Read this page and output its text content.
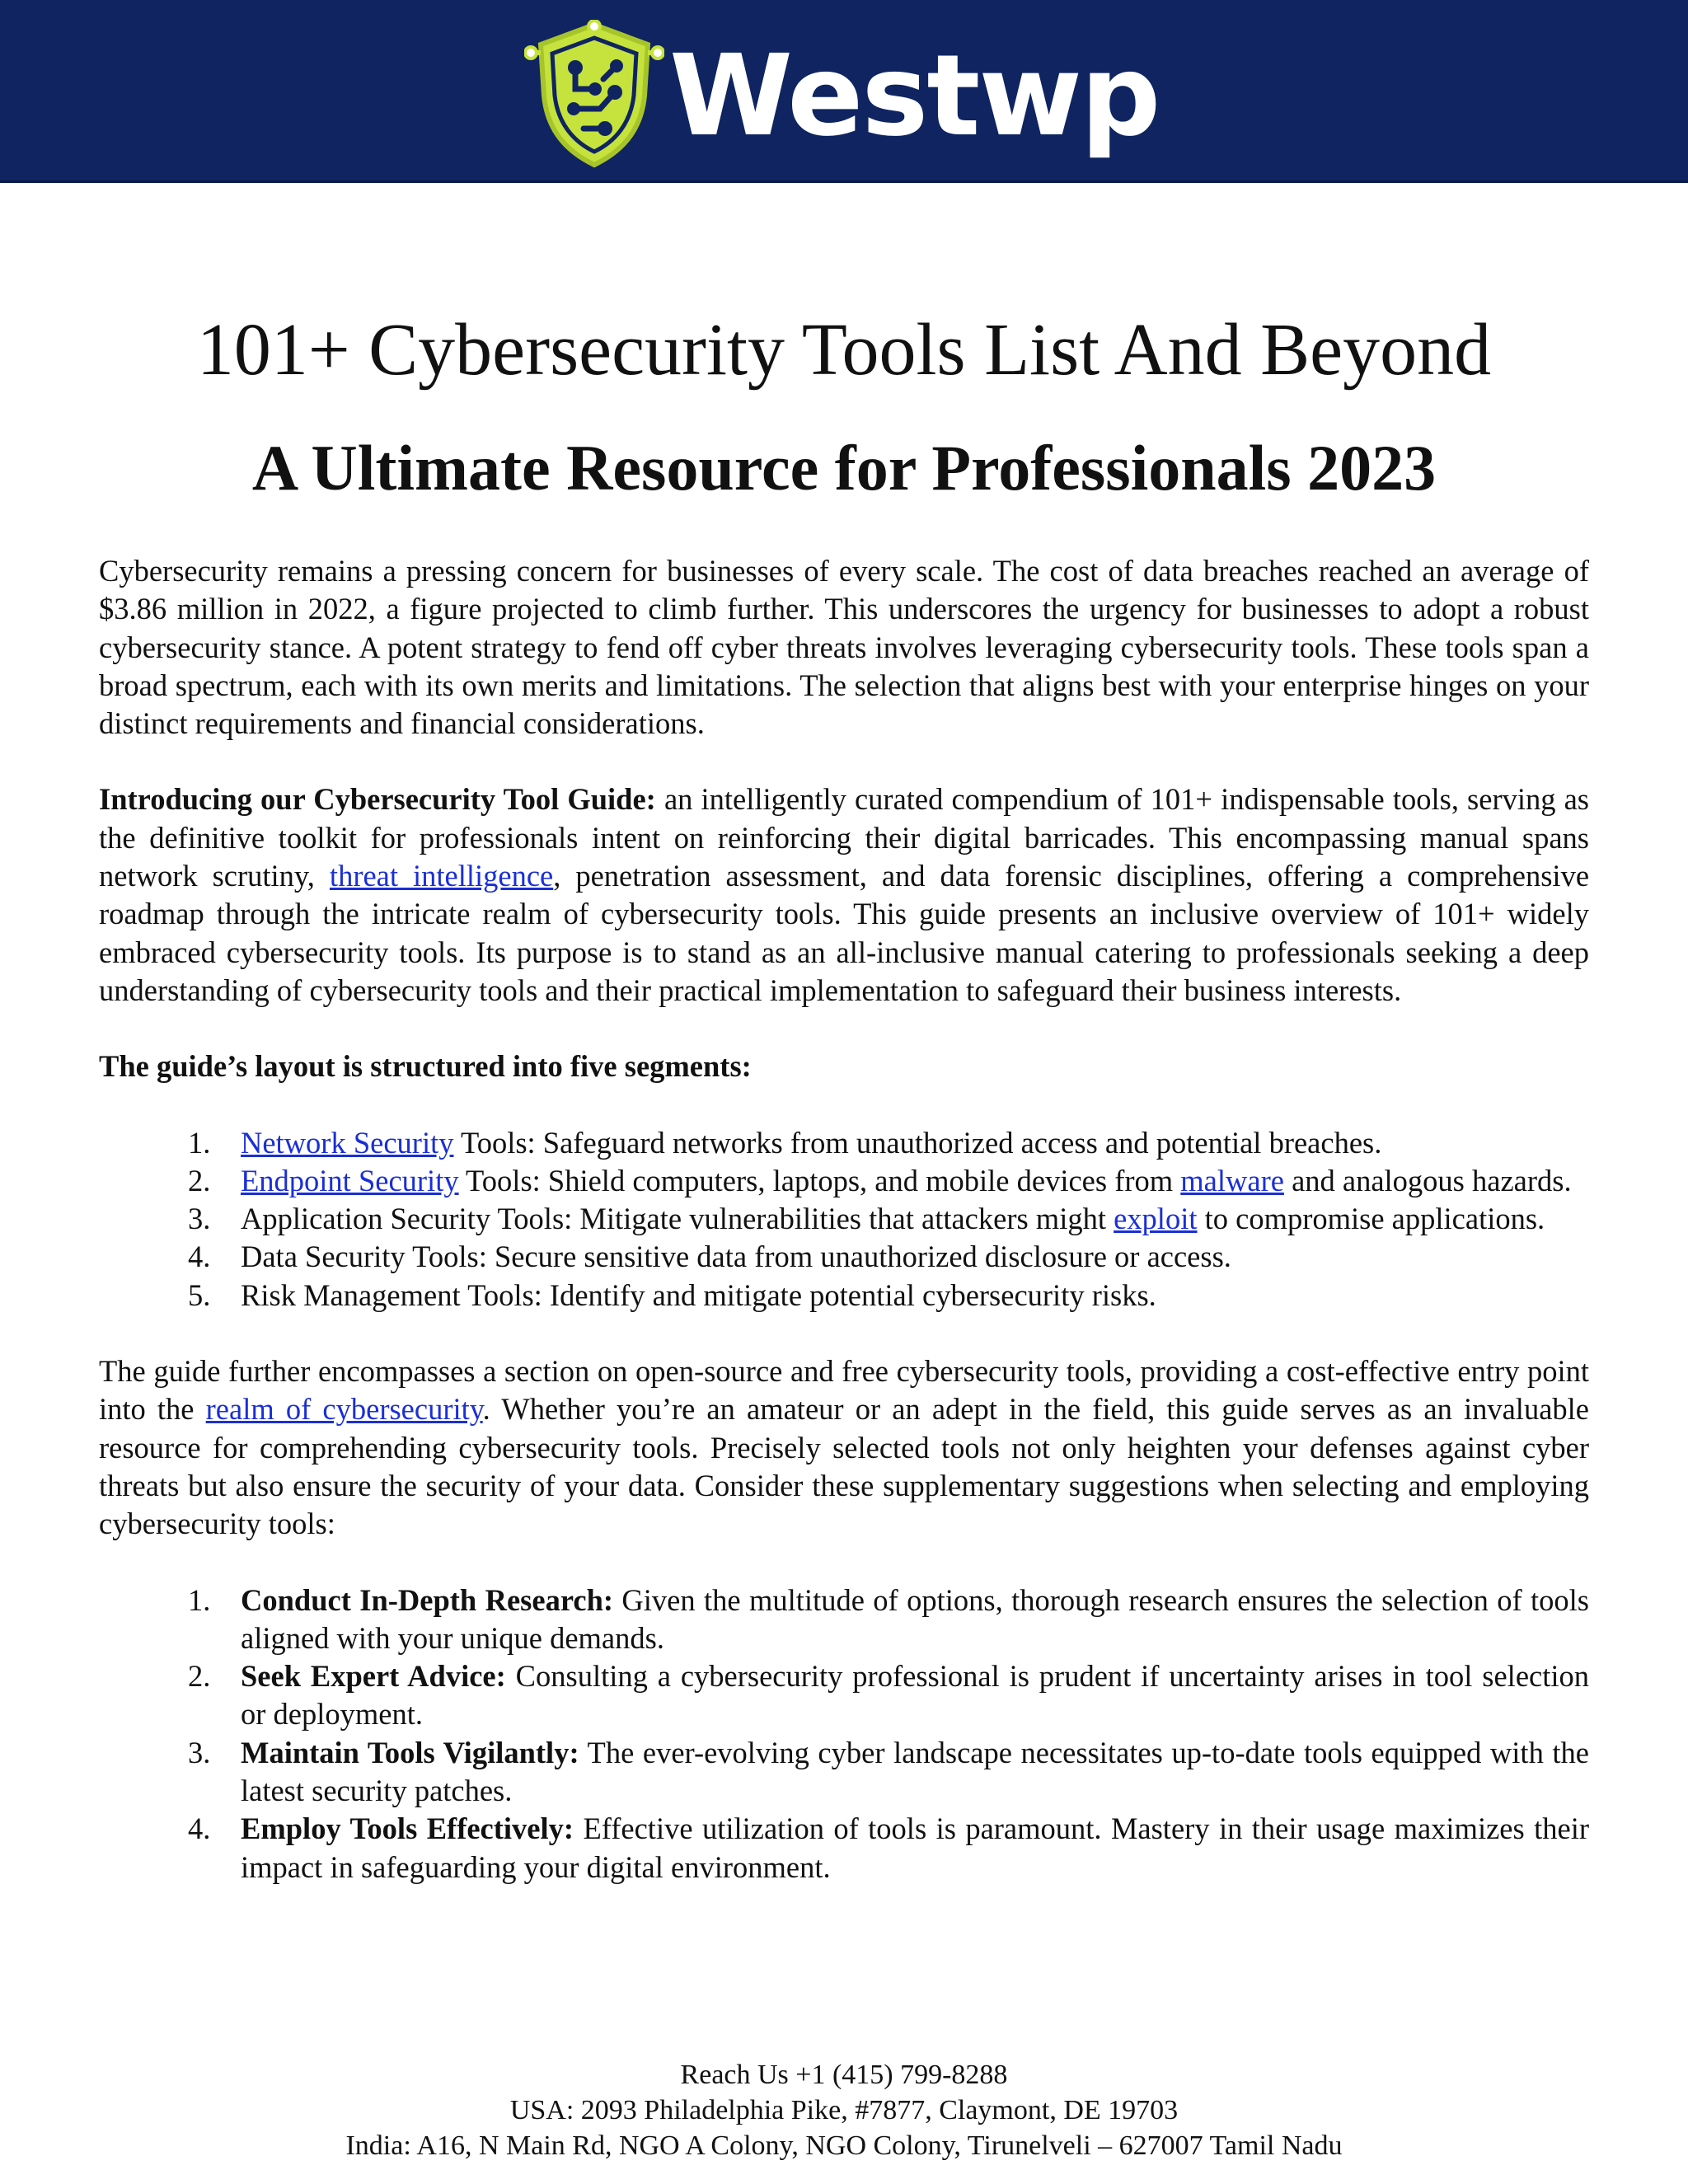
Westwp
101+ Cybersecurity Tools List And Beyond
A Ultimate Resource for Professionals 2023

Cybersecurity remains a pressing concern for businesses of every scale. The cost of data breaches reached an average of $3.86 million in 2022, a figure projected to climb further. This underscores the urgency for businesses to adopt a robust cybersecurity stance. A potent strategy to fend off cyber threats involves leveraging cybersecurity tools. These tools span a broad spectrum, each with its own merits and limitations. The selection that aligns best with your enterprise hinges on your distinct requirements and financial considerations.

Introducing our Cybersecurity Tool Guide: an intelligently curated compendium of 101+ indispensable tools, serving as the definitive toolkit for professionals intent on reinforcing their digital barricades. This encompassing manual spans network scrutiny, threat intelligence, penetration assessment, and data forensic disciplines, offering a comprehensive roadmap through the intricate realm of cybersecurity tools. This guide presents an inclusive overview of 101+ widely embraced cybersecurity tools. Its purpose is to stand as an all-inclusive manual catering to professionals seeking a deep understanding of cybersecurity tools and their practical implementation to safeguard their business interests.

The guide’s layout is structured into five segments:

1. Network Security Tools: Safeguard networks from unauthorized access and potential breaches.
2. Endpoint Security Tools: Shield computers, laptops, and mobile devices from malware and analogous hazards.
3. Application Security Tools: Mitigate vulnerabilities that attackers might exploit to compromise applications.
4. Data Security Tools: Secure sensitive data from unauthorized disclosure or access.
5. Risk Management Tools: Identify and mitigate potential cybersecurity risks.

The guide further encompasses a section on open-source and free cybersecurity tools, providing a cost-effective entry point into the realm of cybersecurity. Whether you’re an amateur or an adept in the field, this guide serves as an invaluable resource for comprehending cybersecurity tools. Precisely selected tools not only heighten your defenses against cyber threats but also ensure the security of your data. Consider these supplementary suggestions when selecting and employing cybersecurity tools:

1. Conduct In-Depth Research: Given the multitude of options, thorough research ensures the selection of tools aligned with your unique demands.
2. Seek Expert Advice: Consulting a cybersecurity professional is prudent if uncertainty arises in tool selection or deployment.
3. Maintain Tools Vigilantly: The ever-evolving cyber landscape necessitates up-to-date tools equipped with the latest security patches.
4. Employ Tools Effectively: Effective utilization of tools is paramount. Mastery in their usage maximizes their impact in safeguarding your digital environment.
Reach Us +1 (415) 799-8288
USA: 2093 Philadelphia Pike, #7877, Claymont, DE 19703
India: A16, N Main Rd, NGO A Colony, NGO Colony, Tirunelveli – 627007 Tamil Nadu
